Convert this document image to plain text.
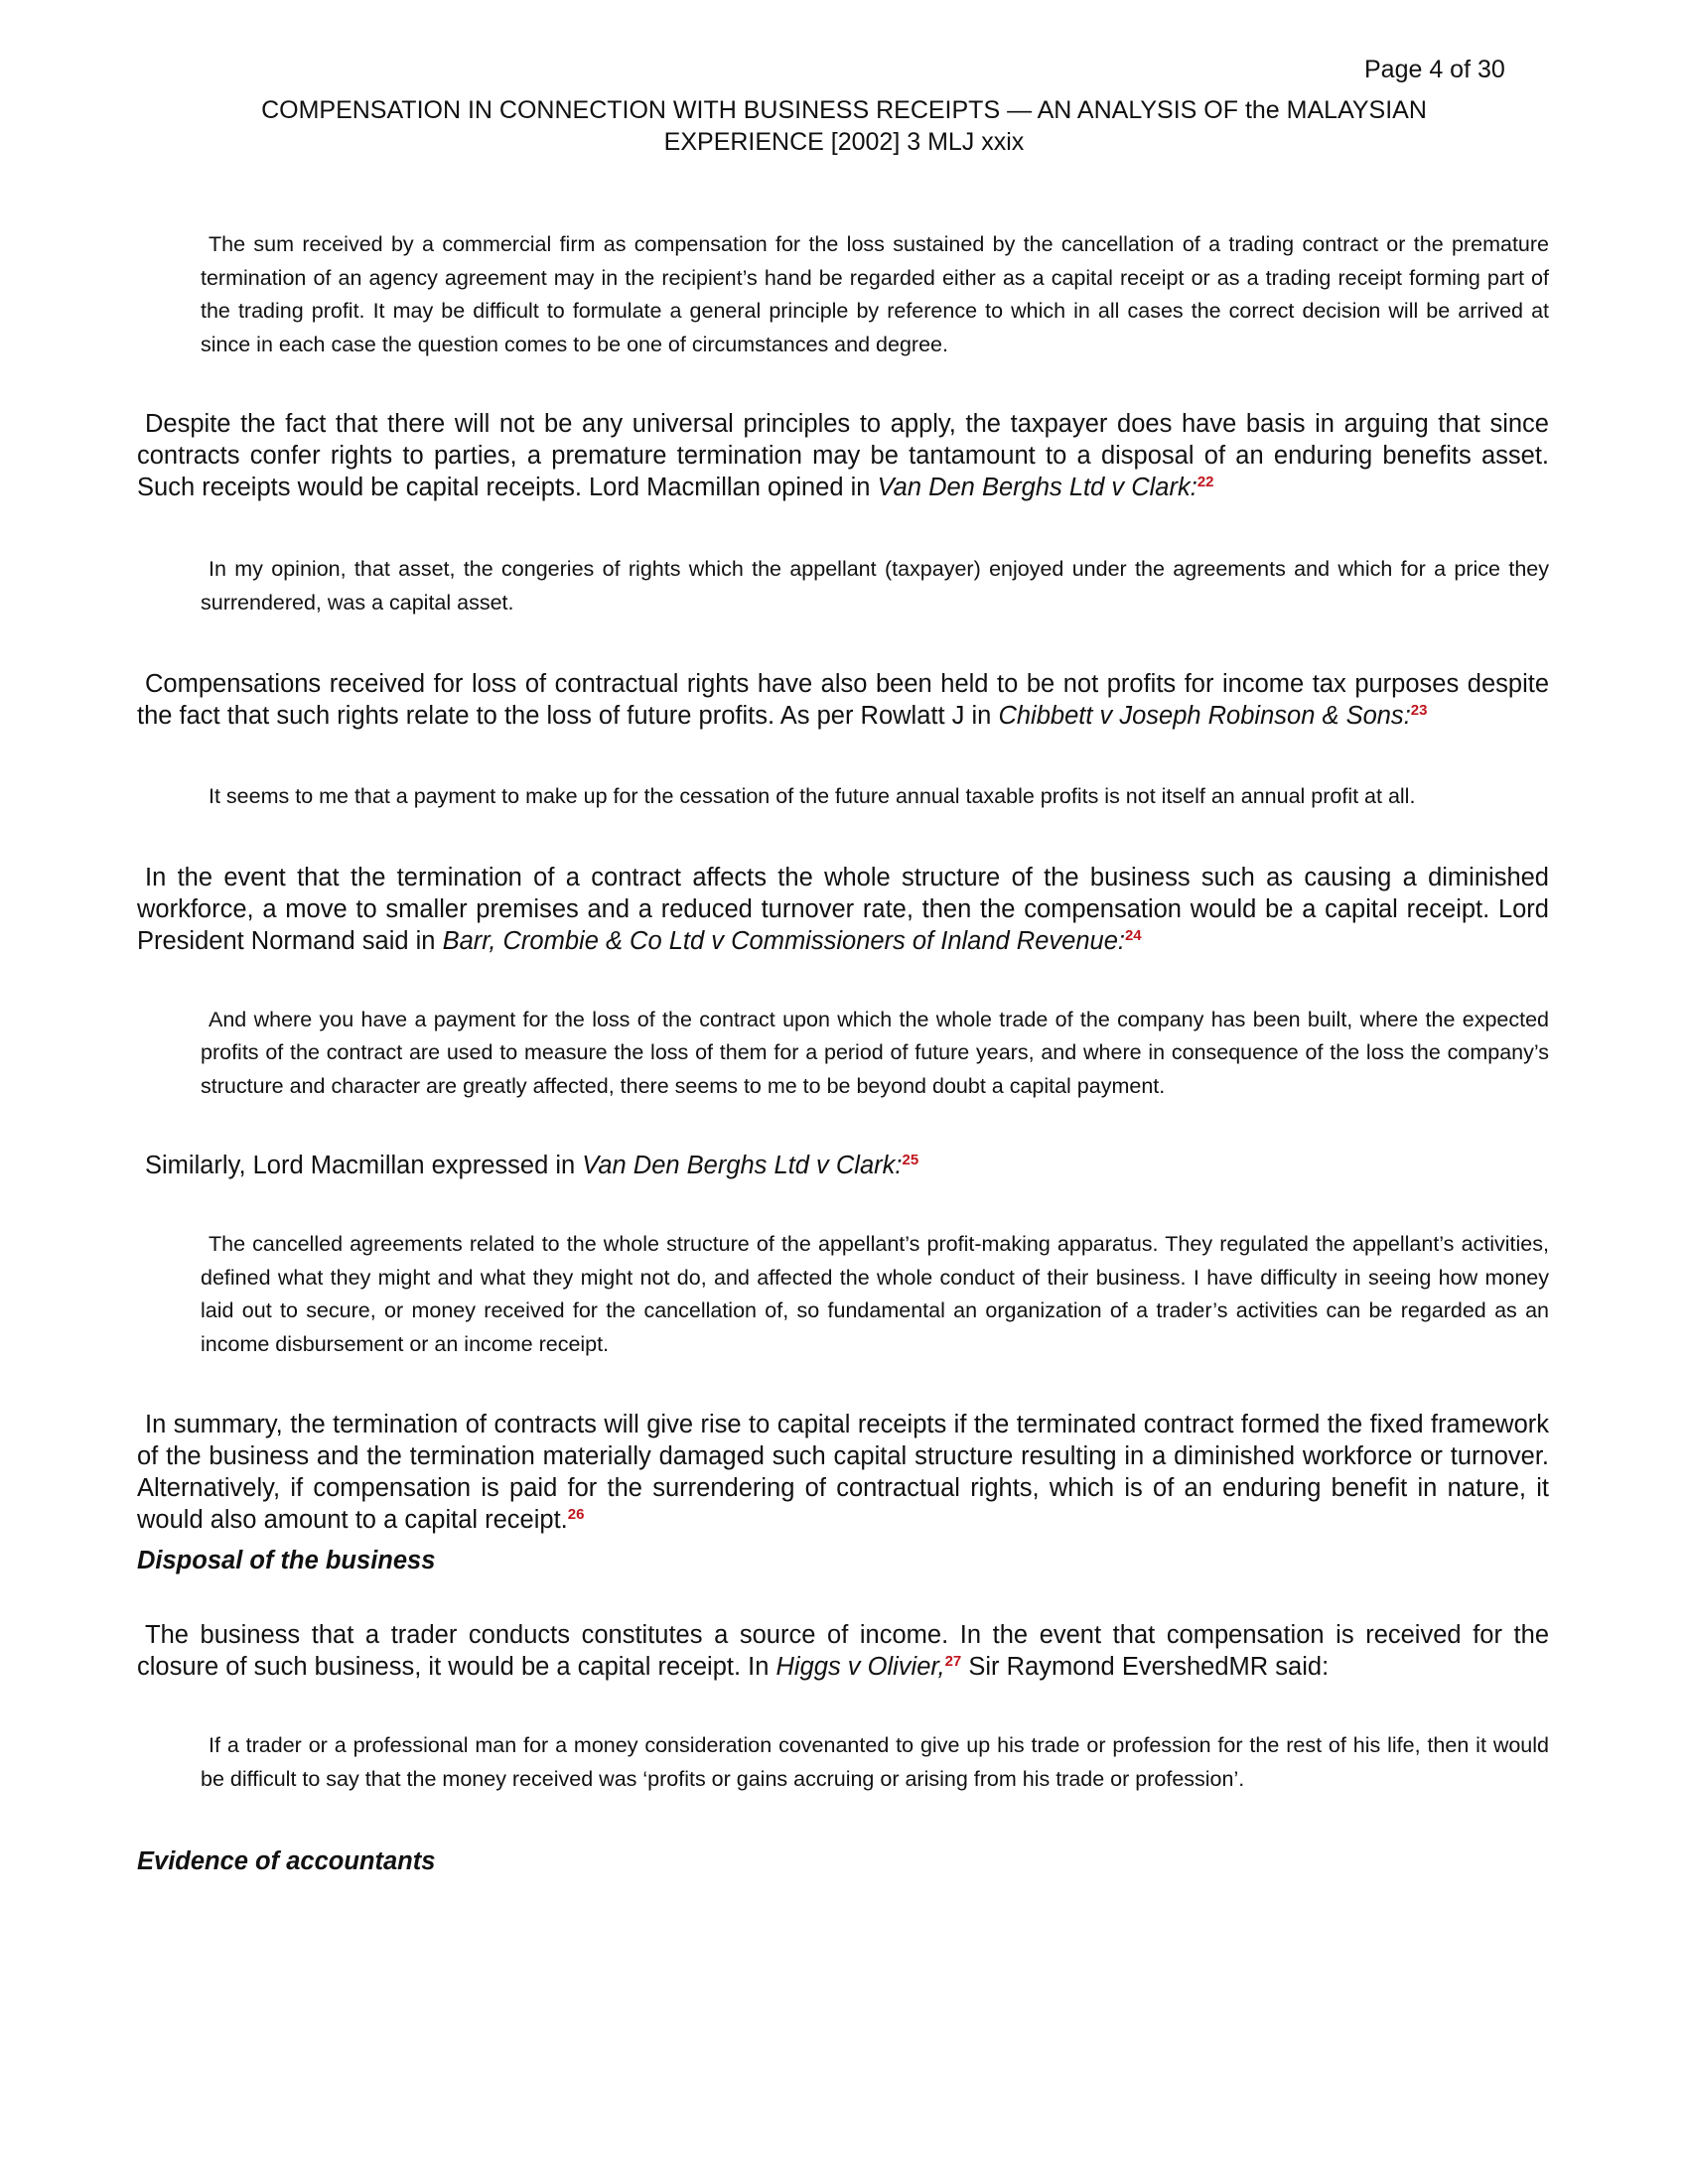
Page 4 of 30
COMPENSATION IN CONNECTION WITH BUSINESS RECEIPTS — AN ANALYSIS OF the MALAYSIAN
EXPERIENCE [2002] 3 MLJ xxix

The sum received by a commercial firm as compensation for the loss sustained by the cancellation of a trading contract or the premature termination of an agency agreement may in the recipient’s hand be regarded either as a capital receipt or as a trading receipt forming part of the trading profit. It may be difficult to formulate a general principle by reference to which in all cases the correct decision will be arrived at since in each case the question comes to be one of circumstances and degree.

Despite the fact that there will not be any universal principles to apply, the taxpayer does have basis in arguing that since contracts confer rights to parties, a premature termination may be tantamount to a disposal of an enduring benefits asset. Such receipts would be capital receipts. Lord Macmillan opined in Van Den Berghs Ltd v Clark:$^{22}$

In my opinion, that asset, the congeries of rights which the appellant (taxpayer) enjoyed under the agreements and which for a price they surrendered, was a capital asset.

Compensations received for loss of contractual rights have also been held to be not profits for income tax purposes despite the fact that such rights relate to the loss of future profits. As per Rowlatt J in Chibbett v Joseph Robinson & Sons:$^{23}$

It seems to me that a payment to make up for the cessation of the future annual taxable profits is not itself an annual profit at all.

In the event that the termination of a contract affects the whole structure of the business such as causing a diminished workforce, a move to smaller premises and a reduced turnover rate, then the compensation would be a capital receipt. Lord President Normand said in Barr, Crombie & Co Ltd v Commissioners of Inland Revenue:$^{24}$

And where you have a payment for the loss of the contract upon which the whole trade of the company has been built, where the expected profits of the contract are used to measure the loss of them for a period of future years, and where in consequence of the loss the company’s structure and character are greatly affected, there seems to me to be beyond doubt a capital payment.

Similarly, Lord Macmillan expressed in Van Den Berghs Ltd v Clark:$^{25}$

The cancelled agreements related to the whole structure of the appellant’s profit-making apparatus. They regulated the appellant’s activities, defined what they might and what they might not do, and affected the whole conduct of their business. I have difficulty in seeing how money laid out to secure, or money received for the cancellation of, so fundamental an organization of a trader’s activities can be regarded as an income disbursement or an income receipt.

In summary, the termination of contracts will give rise to capital receipts if the terminated contract formed the fixed framework of the business and the termination materially damaged such capital structure resulting in a diminished workforce or turnover. Alternatively, if compensation is paid for the surrendering of contractual rights, which is of an enduring benefit in nature, it would also amount to a capital receipt.$^{26}$

Disposal of the business

The business that a trader conducts constitutes a source of income. In the event that compensation is received for the closure of such business, it would be a capital receipt. In Higgs v Olivier,$^{27}$ Sir Raymond EvershedMR said:

If a trader or a professional man for a money consideration covenanted to give up his trade or profession for the rest of his life, then it would be difficult to say that the money received was ‘profits or gains accruing or arising from his trade or profession’.

Evidence of accountants
